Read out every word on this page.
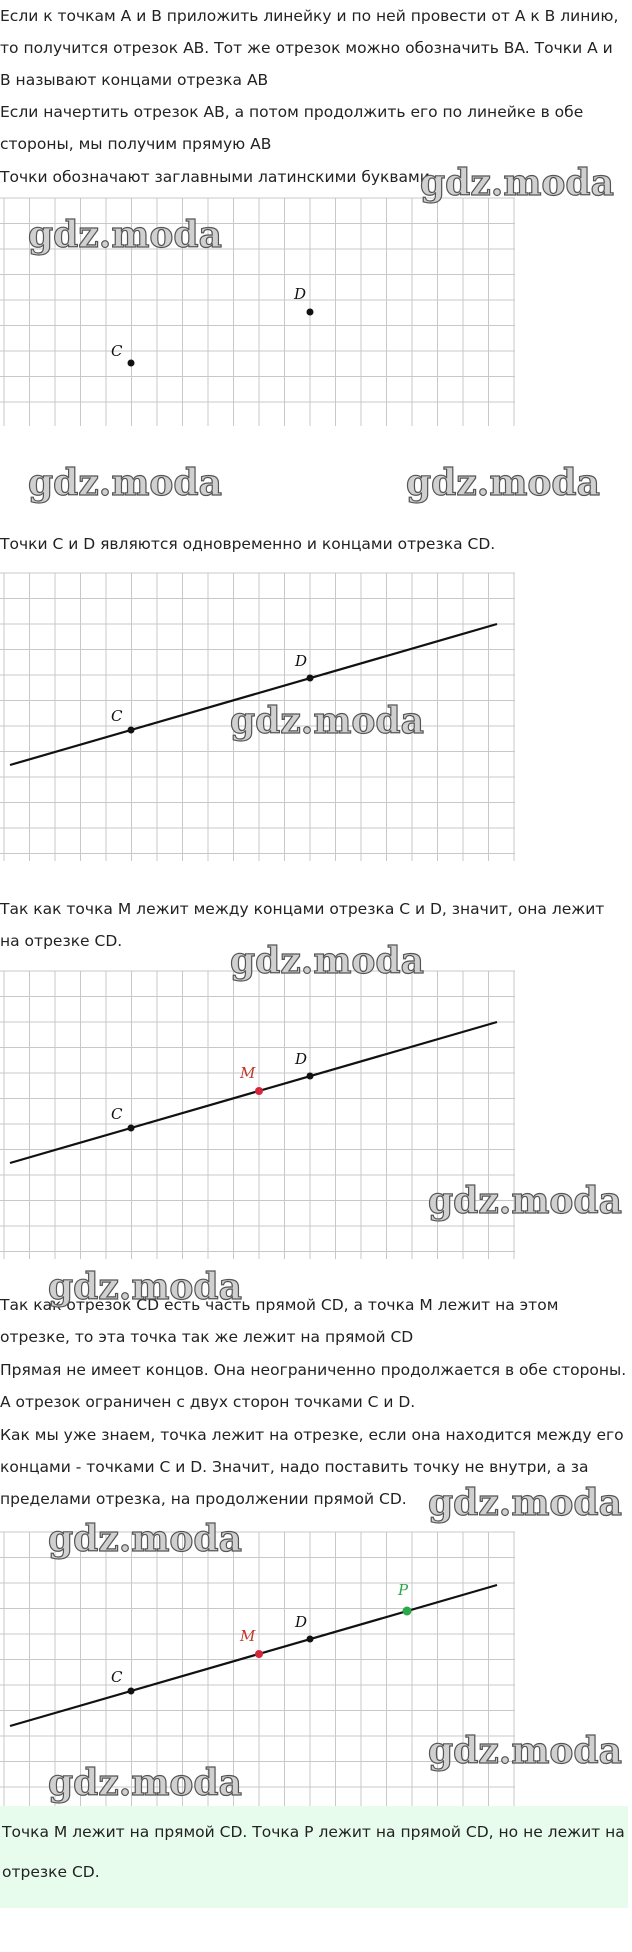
Если к точкам A и B приложить линейку и по ней провести от A к B линию, то получится отрезок AB. Тот же отрезок можно обозначить BA. Точки A и B называют концами отрезка AB

Если начертить отрезок AB, а потом продолжить его по линейке в обе стороны, мы получим прямую AB

Точки обозначают заглавными латинскими буквами

C
D

Точки C и D являются одновременно и концами отрезка CD.

C
D

Так как точка M лежит между концами отрезка C и D, значит, она лежит на отрезке CD.

C
M
D

Так как отрезок CD есть часть прямой CD, а точка M лежит на этом отрезке, то эта точка так же лежит на прямой CD

Прямая не имеет концов. Она неограниченно продолжается в обе стороны. А отрезок ограничен с двух сторон точками C и D.

Как мы уже знаем, точка лежит на отрезке, если она находится между его концами - точками C и D. Значит, надо поставить точку не внутри, а за пределами отрезка, на продолжении прямой CD.

C
M
D
P

Точка M лежит на прямой CD. Точка P лежит на прямой CD, но не лежит на отрезке CD.

gdz.moda
gdz.moda
gdz.moda	gdz.moda
gdz.moda
gdz.moda
gdz.moda
gdz.moda
gdz.moda
gdz.moda
gdz.moda
gdz.moda
